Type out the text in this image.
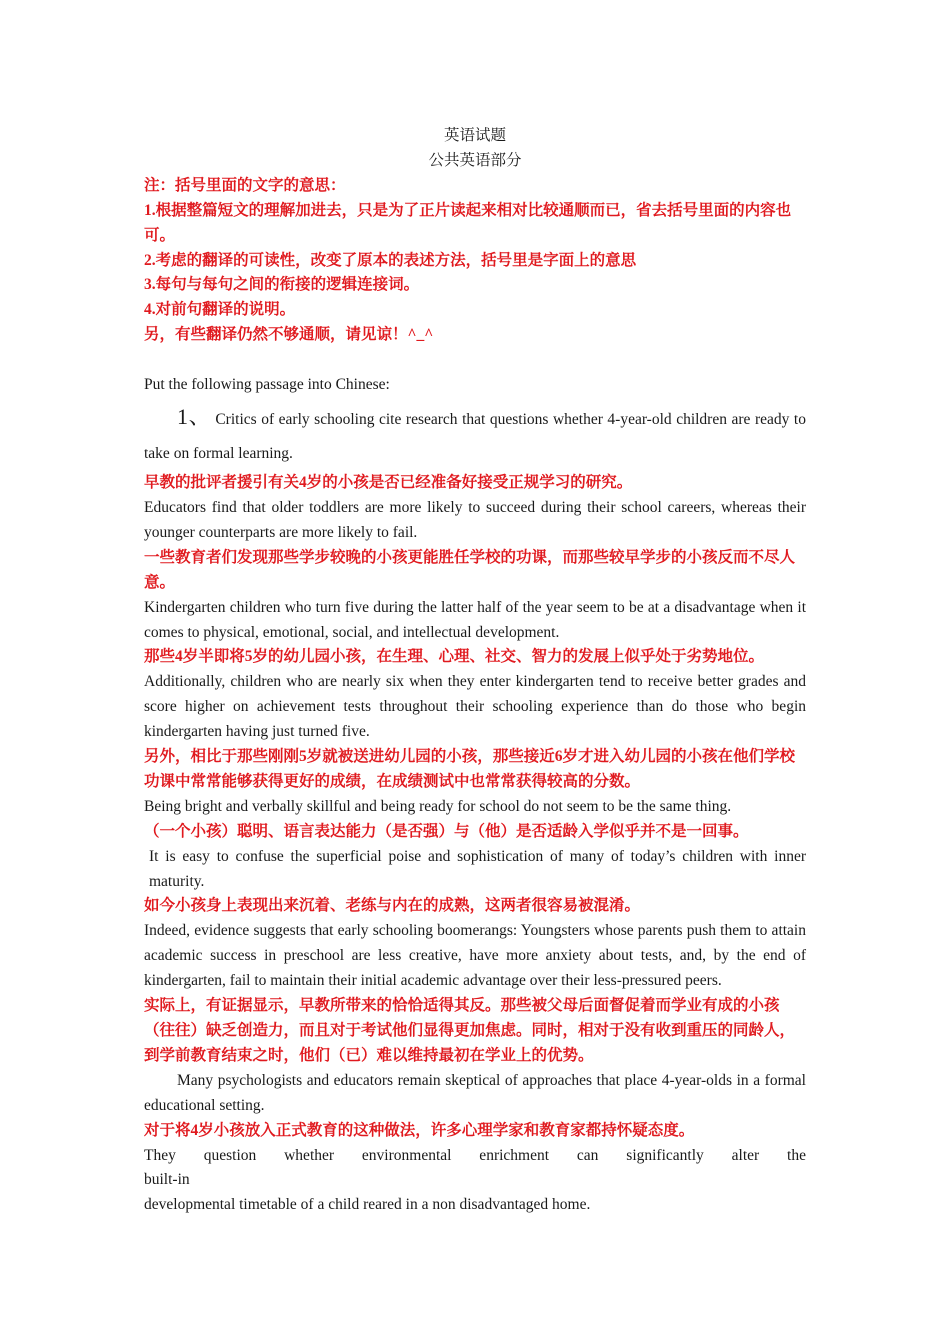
英语试题

公共英语部分

注：括号里面的文字的意思：

1.根据整篇短文的理解加进去，只是为了正片读起来相对比较通顺而已，省去括号里面的内容也可。

2.考虑的翻译的可读性，改变了原本的表述方法，括号里是字面上的意思

3.每句与每句之间的衔接的逻辑连接词。

4.对前句翻译的说明。

另，有些翻译仍然不够通顺，请见谅！^_^

Put the following passage into Chinese:

1、 Critics of early schooling cite research that questions whether 4-year-old children are ready to take on formal learning.

早教的批评者援引有关4岁的小孩是否已经准备好接受正规学习的研究。

Educators find that older toddlers are more likely to succeed during their school careers, whereas their younger counterparts are more likely to fail.

一些教育者们发现那些学步较晚的小孩更能胜任学校的功课，而那些较早学步的小孩反而不尽人意。

Kindergarten children who turn five during the latter half of the year seem to be at a disadvantage when it comes to physical, emotional, social, and intellectual development.

那些4岁半即将5岁的幼儿园小孩，在生理、心理、社交、智力的发展上似乎处于劣势地位。

Additionally, children who are nearly six when they enter kindergarten tend to receive better grades and score higher on achievement tests throughout their schooling experience than do those who begin kindergarten having just turned five.

另外，相比于那些刚刚5岁就被送进幼儿园的小孩，那些接近6岁才进入幼儿园的小孩在他们学校功课中常常能够获得更好的成绩，在成绩测试中也常常获得较高的分数。

Being bright and verbally skillful and being ready for school do not seem to be the same thing.

（一个小孩）聪明、语言表达能力（是否强）与（他）是否适龄入学似乎并不是一回事。

It is easy to confuse the superficial poise and sophistication of many of today’s children with inner maturity.

如今小孩身上表现出来沉着、老练与内在的成熟，这两者很容易被混淆。

Indeed, evidence suggests that early schooling boomerangs: Youngsters whose parents push them to attain academic success in preschool are less creative, have more anxiety about tests, and, by the end of kindergarten, fail to maintain their initial academic advantage over their less-pressured peers.

实际上，有证据显示，早教所带来的恰恰适得其反。那些被父母后面督促着而学业有成的小孩（往往）缺乏创造力，而且对于考试他们显得更加焦虑。同时，相对于没有收到重压的同龄人，到学前教育结束之时，他们（已）难以维持最初在学业上的优势。

Many psychologists and educators remain skeptical of approaches that place 4-year-olds in a formal educational setting.

对于将4岁小孩放入正式教育的这种做法，许多心理学家和教育家都持怀疑态度。

They question whether environmental enrichment can significantly alter the built-in

developmental timetable of a child reared in a non disadvantaged home.
